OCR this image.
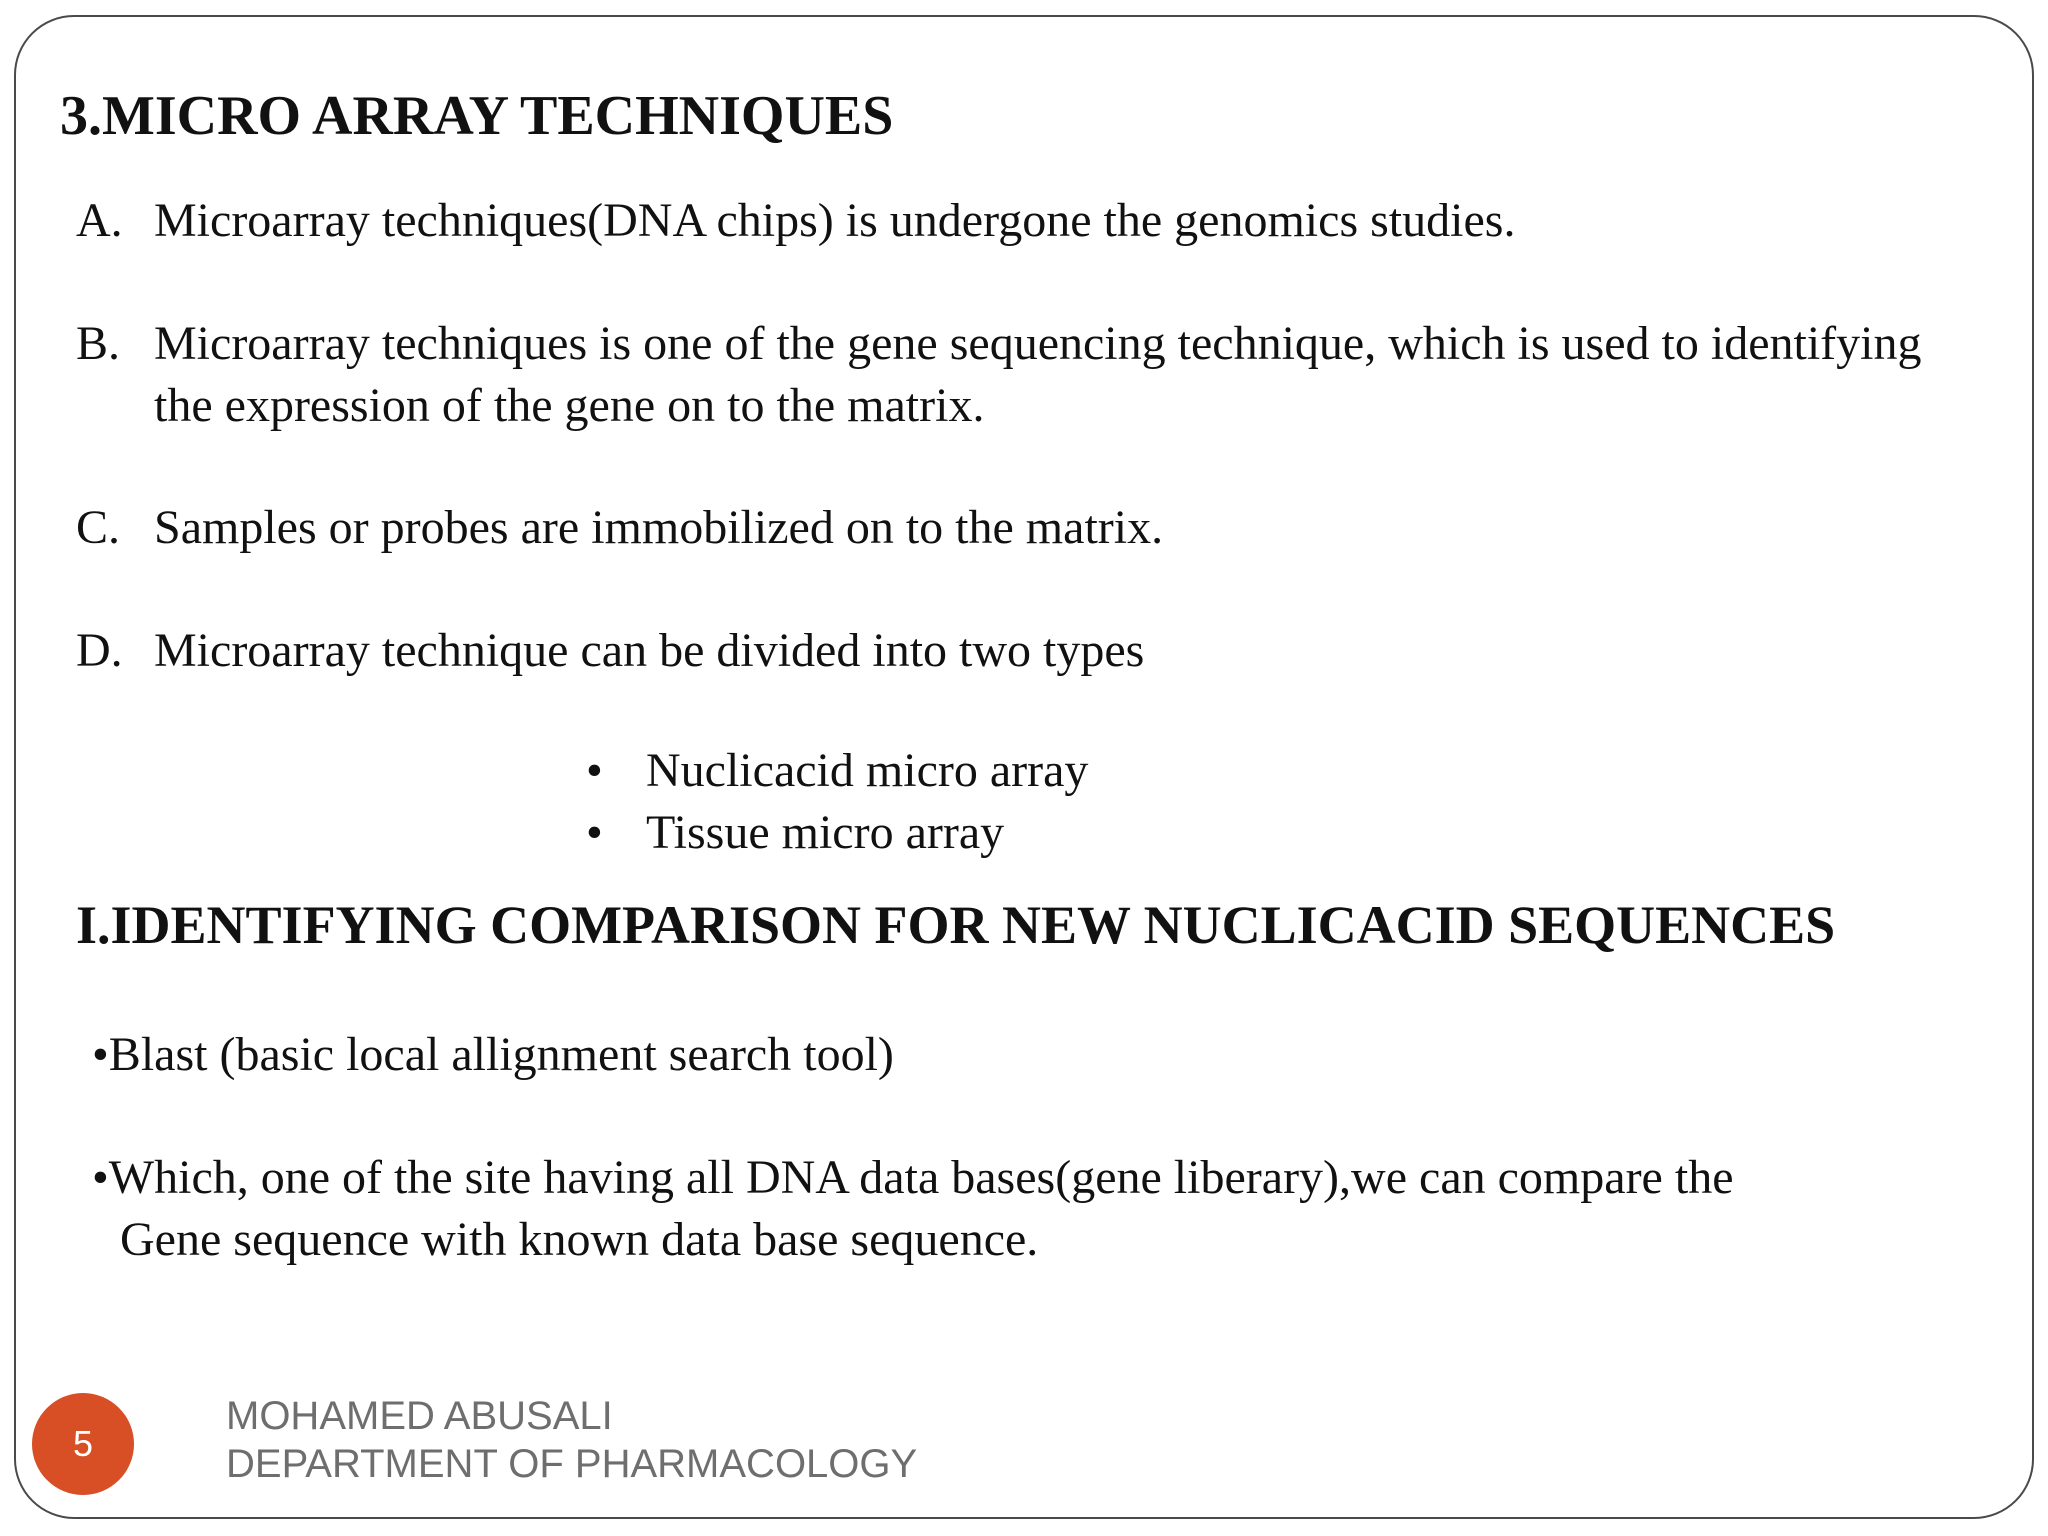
3.MICRO ARRAY TECHNIQUES
A. Microarray techniques(DNA chips) is undergone the genomics studies.
B. Microarray techniques is one of the gene sequencing technique, which is used to identifying the expression of the gene on to the matrix.
C. Samples or probes are immobilized on to the matrix.
D. Microarray technique can be divided into two types
• Nuclicacid micro array
• Tissue micro array
I.IDENTIFYING COMPARISON FOR NEW NUCLICACID SEQUENCES
•Blast (basic local allignment search tool)
•Which, one of the site having all DNA data bases(gene liberary),we can compare the
Gene sequence with known data base sequence.
5
MOHAMED ABUSALI
DEPARTMENT OF PHARMACOLOGY
